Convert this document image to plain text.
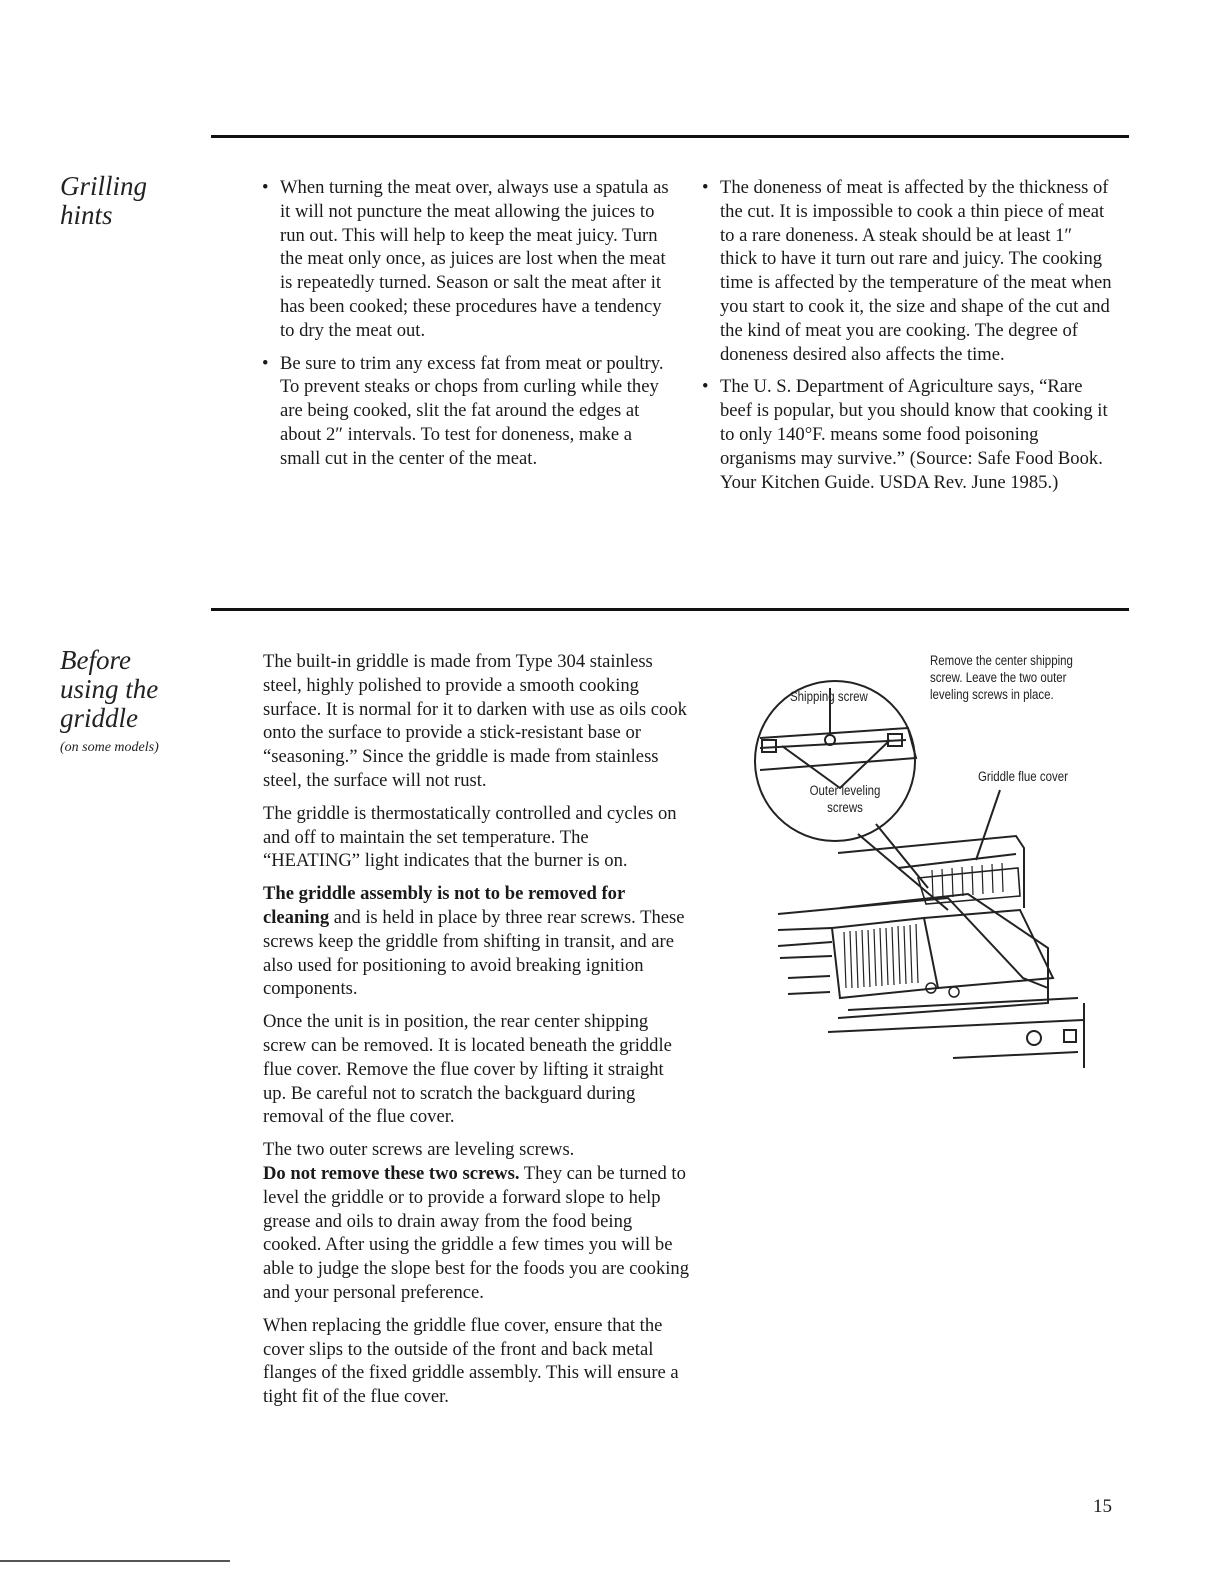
Grilling
hints

• When turning the meat over, always use a spatula as it will not puncture the meat allowing the juices to run out. This will help to keep the meat juicy. Turn the meat only once, as juices are lost when the meat is repeatedly turned. Season or salt the meat after it has been cooked; these procedures have a tendency to dry the meat out.

• Be sure to trim any excess fat from meat or poultry. To prevent steaks or chops from curling while they are being cooked, slit the fat around the edges at about 2″ intervals. To test for doneness, make a small cut in the center of the meat.

• The doneness of meat is affected by the thickness of the cut. It is impossible to cook a thin piece of meat to a rare doneness. A steak should be at least 1″ thick to have it turn out rare and juicy. The cooking time is affected by the temperature of the meat when you start to cook it, the size and shape of the cut and the kind of meat you are cooking. The degree of doneness desired also affects the time.

• The U. S. Department of Agriculture says, “Rare beef is popular, but you should know that cooking it to only 140°F. means some food poisoning organisms may survive.” (Source: Safe Food Book. Your Kitchen Guide. USDA Rev. June 1985.)

Before
using the
griddle
(on some models)

The built-in griddle is made from Type 304 stainless steel, highly polished to provide a smooth cooking surface. It is normal for it to darken with use as oils cook onto the surface to provide a stick-resistant base or “seasoning.” Since the griddle is made from stainless steel, the surface will not rust.

The griddle is thermostatically controlled and cycles on and off to maintain the set temperature. The “HEATING” light indicates that the burner is on.

The griddle assembly is not to be removed for cleaning and is held in place by three rear screws. These screws keep the griddle from shifting in transit, and are also used for positioning to avoid breaking ignition components.

Once the unit is in position, the rear center shipping screw can be removed. It is located beneath the griddle flue cover. Remove the flue cover by lifting it straight up. Be careful not to scratch the backguard during removal of the flue cover.

The two outer screws are leveling screws.
Do not remove these two screws. They can be turned to level the griddle or to provide a forward slope to help grease and oils to drain away from the food being cooked. After using the griddle a few times you will be able to judge the slope best for the foods you are cooking and your personal preference.

When replacing the griddle flue cover, ensure that the cover slips to the outside of the front and back metal flanges of the fixed griddle assembly. This will ensure a tight fit of the flue cover.

Shipping screw
Outer leveling
screws
Remove the center shipping
screw. Leave the two outer
leveling screws in place.
Griddle flue cover
15
